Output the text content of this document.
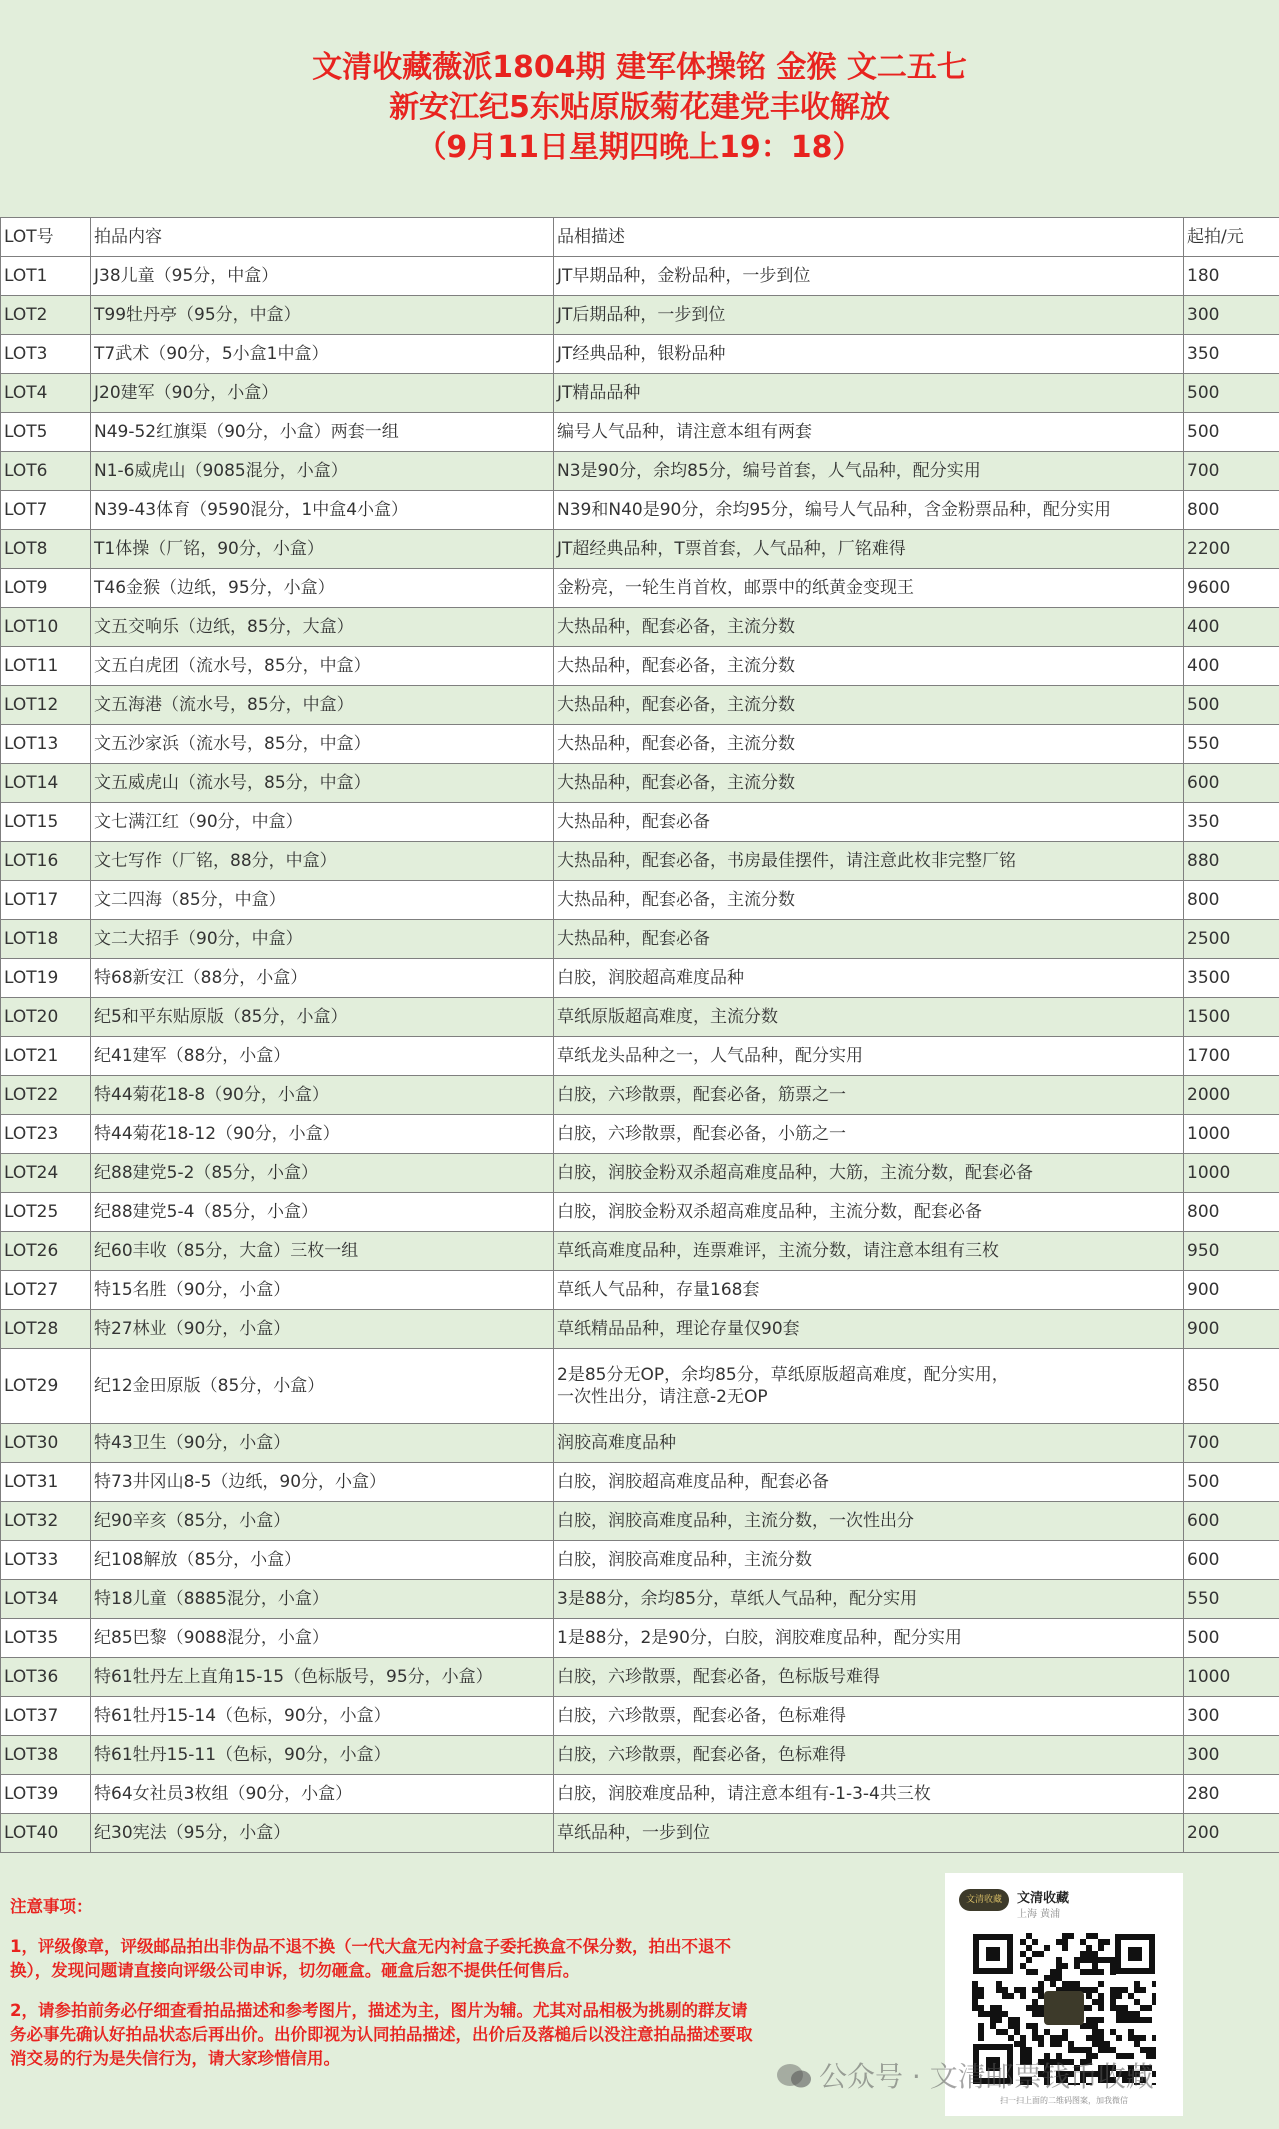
文清收藏薇派1804期 建军体操铭 金猴 文二五七
新安江纪5东贴原版菊花建党丰收解放
（9月11日星期四晚上19：18）
LOT号	拍品内容	品相描述	起拍/元
LOT1	J38儿童（95分，中盒）	JT早期品种，金粉品种，一步到位	180
LOT2	T99牡丹亭（95分，中盒）	JT后期品种，一步到位	300
LOT3	T7武术（90分，5小盒1中盒）	JT经典品种，银粉品种	350
LOT4	J20建军（90分，小盒）	JT精品品种	500
LOT5	N49-52红旗渠（90分，小盒）两套一组	编号人气品种，请注意本组有两套	500
LOT6	N1-6威虎山（9085混分，小盒）	N3是90分，余均85分，编号首套，人气品种，配分实用	700
LOT7	N39-43体育（9590混分，1中盒4小盒）	N39和N40是90分，余均95分，编号人气品种，含金粉票品种，配分实用	800
LOT8	T1体操（厂铭，90分，小盒）	JT超经典品种，T票首套，人气品种，厂铭难得	2200
LOT9	T46金猴（边纸，95分，小盒）	金粉亮，一轮生肖首枚，邮票中的纸黄金变现王	9600
LOT10	文五交响乐（边纸，85分，大盒）	大热品种，配套必备，主流分数	400
LOT11	文五白虎团（流水号，85分，中盒）	大热品种，配套必备，主流分数	400
LOT12	文五海港（流水号，85分，中盒）	大热品种，配套必备，主流分数	500
LOT13	文五沙家浜（流水号，85分，中盒）	大热品种，配套必备，主流分数	550
LOT14	文五威虎山（流水号，85分，中盒）	大热品种，配套必备，主流分数	600
LOT15	文七满江红（90分，中盒）	大热品种，配套必备	350
LOT16	文七写作（厂铭，88分，中盒）	大热品种，配套必备，书房最佳摆件，请注意此枚非完整厂铭	880
LOT17	文二四海（85分，中盒）	大热品种，配套必备，主流分数	800
LOT18	文二大招手（90分，中盒）	大热品种，配套必备	2500
LOT19	特68新安江（88分，小盒）	白胶，润胶超高难度品种	3500
LOT20	纪5和平东贴原版（85分，小盒）	草纸原版超高难度，主流分数	1500
LOT21	纪41建军（88分，小盒）	草纸龙头品种之一，人气品种，配分实用	1700
LOT22	特44菊花18-8（90分，小盒）	白胶，六珍散票，配套必备，筋票之一	2000
LOT23	特44菊花18-12（90分，小盒）	白胶，六珍散票，配套必备，小筋之一	1000
LOT24	纪88建党5-2（85分，小盒）	白胶，润胶金粉双杀超高难度品种，大筋，主流分数，配套必备	1000
LOT25	纪88建党5-4（85分，小盒）	白胶，润胶金粉双杀超高难度品种，主流分数，配套必备	800
LOT26	纪60丰收（85分，大盒）三枚一组	草纸高难度品种，连票难评，主流分数，请注意本组有三枚	950
LOT27	特15名胜（90分，小盒）	草纸人气品种，存量168套	900
LOT28	特27林业（90分，小盒）	草纸精品品种，理论存量仅90套	900
LOT29	纪12金田原版（85分，小盒）	2是85分无OP，余均85分，草纸原版超高难度，配分实用，
一次性出分，请注意-2无OP	850
LOT30	特43卫生（90分，小盒）	润胶高难度品种	700
LOT31	特73井冈山8-5（边纸，90分，小盒）	白胶，润胶超高难度品种，配套必备	500
LOT32	纪90辛亥（85分，小盒）	白胶，润胶高难度品种，主流分数，一次性出分	600
LOT33	纪108解放（85分，小盒）	白胶，润胶高难度品种，主流分数	600
LOT34	特18儿童（8885混分，小盒）	3是88分，余均85分，草纸人气品种，配分实用	550
LOT35	纪85巴黎（9088混分，小盒）	1是88分，2是90分，白胶，润胶难度品种，配分实用	500
LOT36	特61牡丹左上直角15-15（色标版号，95分，小盒）	白胶，六珍散票，配套必备，色标版号难得	1000
LOT37	特61牡丹15-14（色标，90分，小盒）	白胶，六珍散票，配套必备，色标难得	300
LOT38	特61牡丹15-11（色标，90分，小盒）	白胶，六珍散票，配套必备，色标难得	300
LOT39	特64女社员3枚组（90分，小盒）	白胶，润胶难度品种，请注意本组有-1-3-4共三枚	280
LOT40	纪30宪法（95分，小盒）	草纸品种，一步到位	200
注意事项：

1，评级像章，评级邮品拍出非伪品不退不换（一代大盒无内衬盒子委托换盒不保分数，拍出不退不换），发现问题请直接向评级公司申诉，切勿砸盒。砸盒后恕不提供任何售后。

2，请参拍前务必仔细查看拍品描述和参考图片，描述为主，图片为辅。尤其对品相极为挑剔的群友请务必事先确认好拍品状态后再出价。出价即视为认同拍品描述，出价后及落槌后以没注意拍品描述要取消交易的行为是失信行为，请大家珍惜信用。

文清收藏	文清收藏
上海 黄浦
扫一扫上面的二维码图案，加我微信
公众号 · 文清邮票钱币收藏
